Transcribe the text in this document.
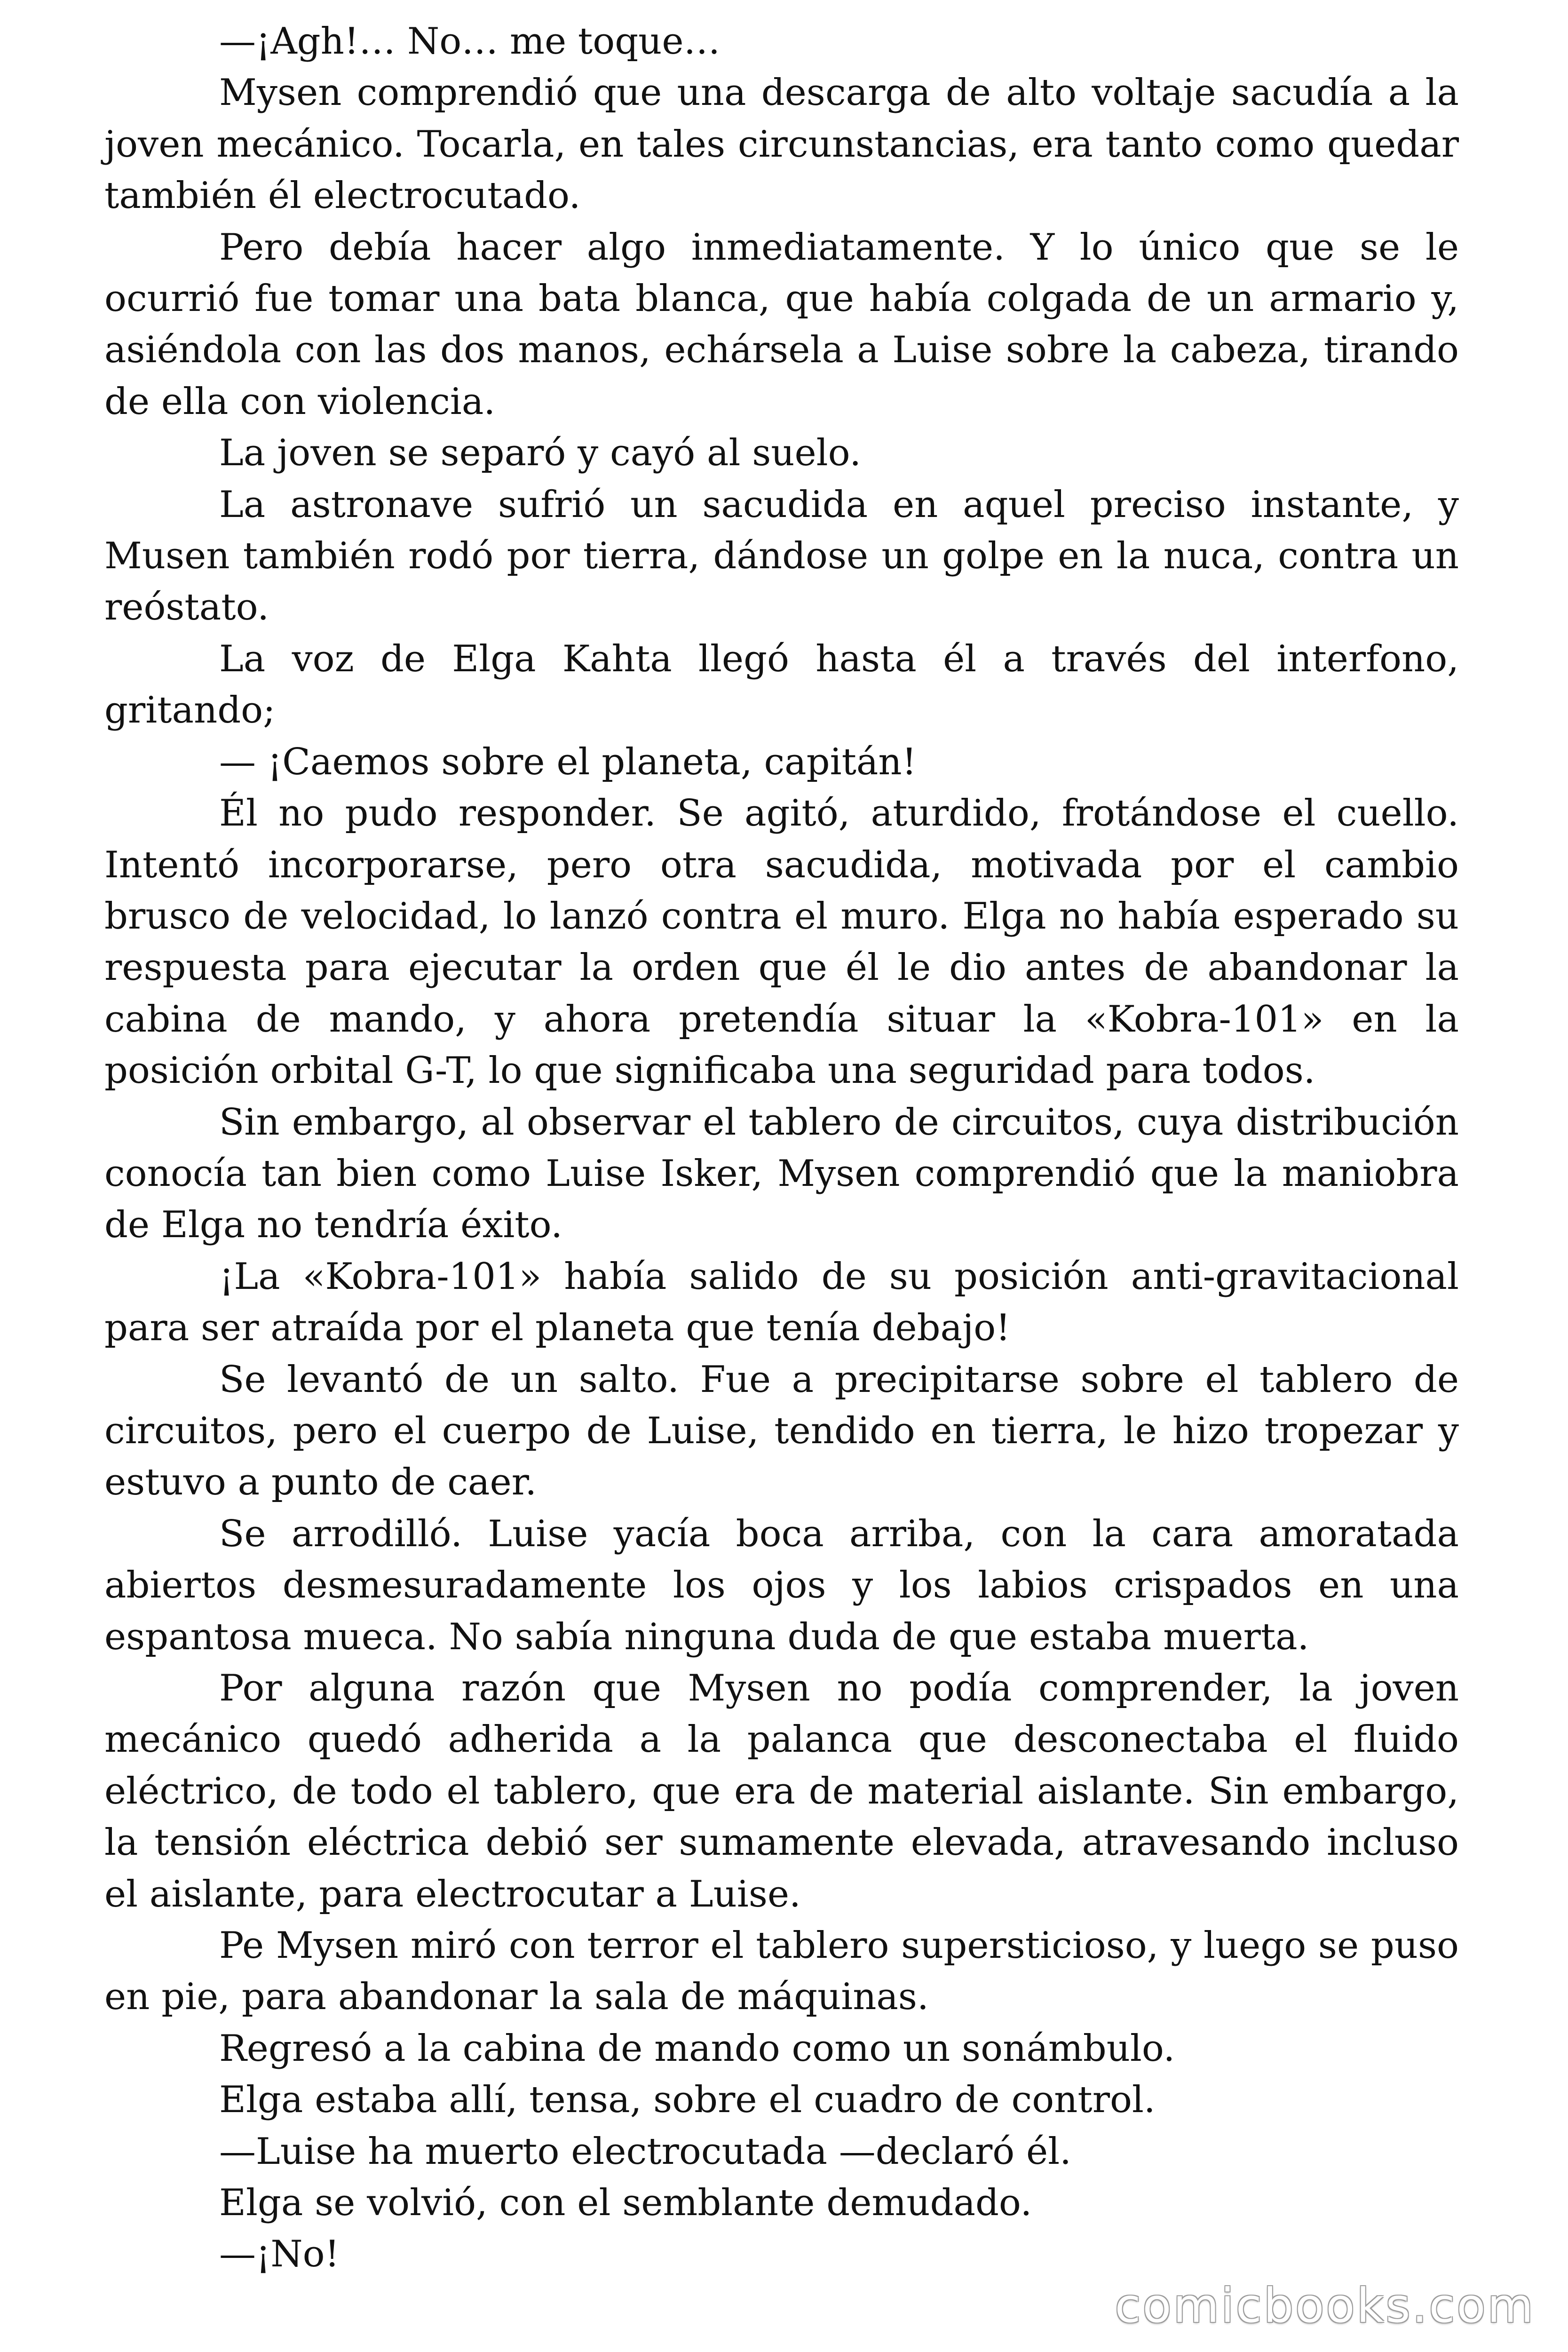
—¡Agh!… No… me toque…

Mysen comprendió que una descarga de alto voltaje sacudía a la joven mecánico. Tocarla, en tales circunstancias, era tanto como quedar también él electrocutado.

Pero debía hacer algo inmediatamente. Y lo único que se le ocurrió fue tomar una bata blanca, que había colgada de un armario y, asiéndola con las dos manos, echársela a Luise sobre la cabeza, tirando de ella con violencia.

La joven se separó y cayó al suelo.

La astronave sufrió un sacudida en aquel preciso instante, y Musen también rodó por tierra, dándose un golpe en la nuca, contra un reóstato.

La voz de Elga Kahta llegó hasta él a través del interfono, gritando;

— ¡Caemos sobre el planeta, capitán!

Él no pudo responder. Se agitó, aturdido, frotándose el cuello. Intentó incorporarse, pero otra sacudida, motivada por el cambio brusco de velocidad, lo lanzó contra el muro. Elga no había esperado su respuesta para ejecutar la orden que él le dio antes de abandonar la cabina de mando, y ahora pretendía situar la «Kobra-101» en la posición orbital G-T, lo que significaba una seguridad para todos.

Sin embargo, al observar el tablero de circuitos, cuya distribución conocía tan bien como Luise Isker, Mysen comprendió que la maniobra de Elga no tendría éxito.

¡La «Kobra-101» había salido de su posición anti-gravitacional para ser atraída por el planeta que tenía debajo!

Se levantó de un salto. Fue a precipitarse sobre el tablero de circuitos, pero el cuerpo de Luise, tendido en tierra, le hizo tropezar y estuvo a punto de caer.

Se arrodilló. Luise yacía boca arriba, con la cara amoratada abiertos desmesuradamente los ojos y los labios crispados en una espantosa mueca. No sabía ninguna duda de que estaba muerta.

Por alguna razón que Mysen no podía comprender, la joven mecánico quedó adherida a la palanca que desconectaba el fluido eléctrico, de todo el tablero, que era de material aislante. Sin embargo, la tensión eléctrica debió ser sumamente elevada, atravesando incluso el aislante, para electrocutar a Luise.

Pe Mysen miró con terror el tablero supersticioso, y luego se puso en pie, para abandonar la sala de máquinas.

Regresó a la cabina de mando como un sonámbulo.

Elga estaba allí, tensa, sobre el cuadro de control.

—Luise ha muerto electrocutada —declaró él.

Elga se volvió, con el semblante demudado.

—¡No!

comicbooks.com
